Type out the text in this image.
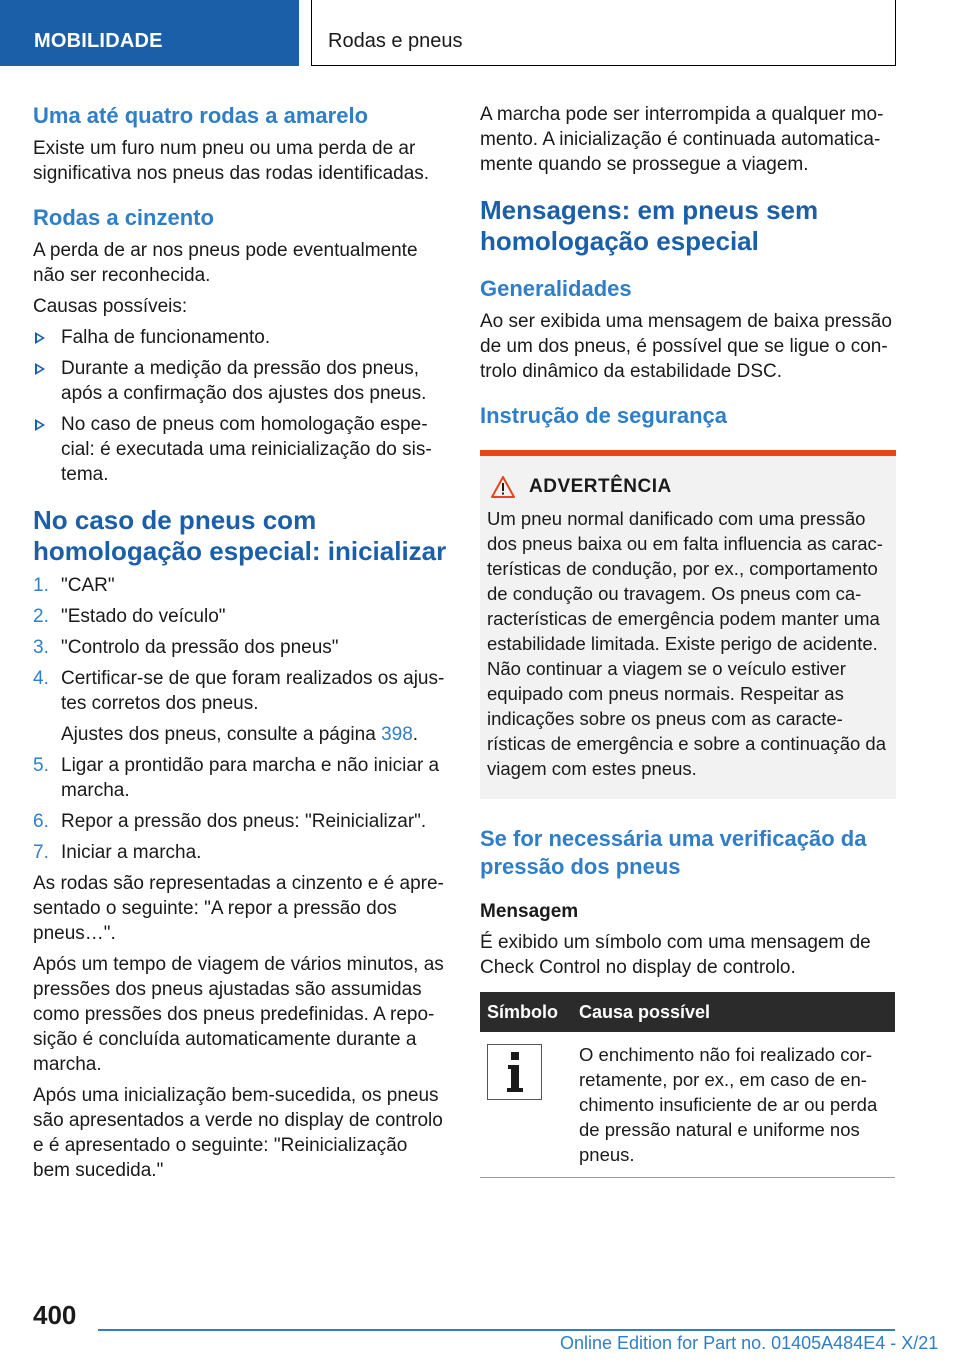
MOBILIDADE	Rodas e pneus
Uma até quatro rodas a amarelo

Existe um furo num pneu ou uma perda de ar significativa nos pneus das rodas identificadas.

Rodas a cinzento

A perda de ar nos pneus pode eventualmente não ser reconhecida.

Causas possíveis:

Falha de funcionamento.
Durante a medição da pressão dos pneus, após a confirmação dos ajustes dos pneus.
No caso de pneus com homologação especial: é executada uma reinicialização do sistema.
No caso de pneus com homologação especial: inicializar
1. "CAR"
2. "Estado do veículo"
3. "Controlo da pressão dos pneus"
4. Certificar-se de que foram realizados os ajustes corretos dos pneus.
Ajustes dos pneus, consulte a página 398.
5. Ligar a prontidão para marcha e não iniciar a marcha.
6. Repor a pressão dos pneus: "Reinicializar".
7. Iniciar a marcha.

As rodas são representadas a cinzento e é apresentado o seguinte: "A repor a pressão dos pneus…".

Após um tempo de viagem de vários minutos, as pressões dos pneus ajustadas são assumidas como pressões dos pneus predefinidas. A reposição é concluída automaticamente durante a marcha.

Após uma inicialização bem-sucedida, os pneus são apresentados a verde no display de controlo e é apresentado o seguinte: "Reinicialização bem sucedida."

A marcha pode ser interrompida a qualquer momento. A inicialização é continuada automaticamente quando se prossegue a viagem.

Mensagens: em pneus sem homologação especial
Generalidades

Ao ser exibida uma mensagem de baixa pressão de um dos pneus, é possível que se ligue o controlo dinâmico da estabilidade DSC.

Instrução de segurança
ADVERTÊNCIA

Um pneu normal danificado com uma pressão dos pneus baixa ou em falta influencia as características de condução, por ex., comportamento de condução ou travagem. Os pneus com características de emergência podem manter uma estabilidade limitada. Existe perigo de acidente. Não continuar a viagem se o veículo estiver equipado com pneus normais. Respeitar as indicações sobre os pneus com as características de emergência e sobre a continuação da viagem com estes pneus.

Se for necessária uma verificação da pressão dos pneus

Mensagem

É exibido um símbolo com uma mensagem de Check Control no display de controlo.

Símbolo	Causa possível

	O enchimento não foi realizado corretamente, por ex., em caso de enchimento insuficiente de ar ou perda de pressão natural e uniforme nos pneus.
400
Online Edition for Part no. 01405A484E4 - X/21
